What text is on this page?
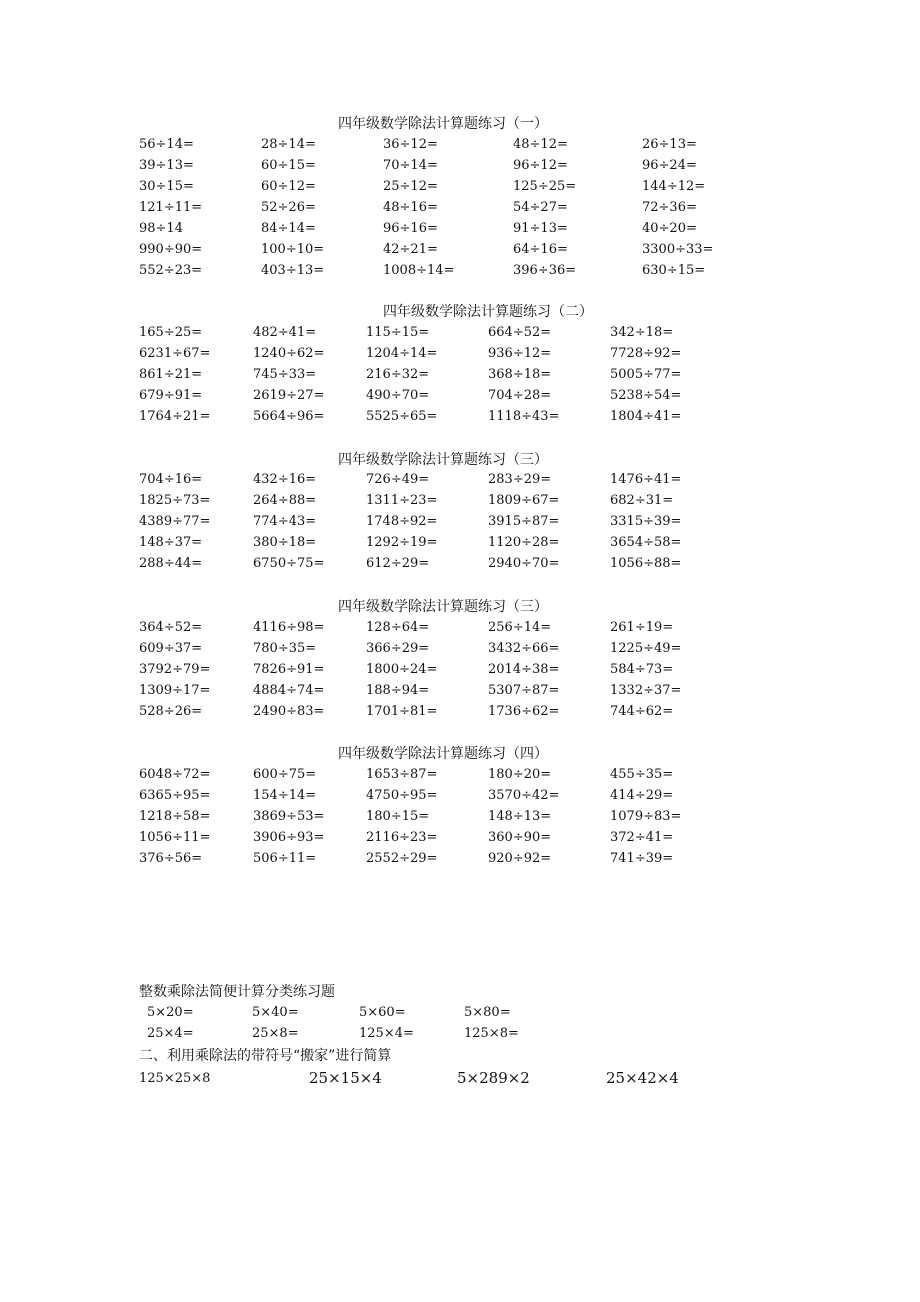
四年级数学除法计算题练习（一）
56÷14=	28÷14=	36÷12=	48÷12=	26÷13=
39÷13=	60÷15=	70÷14=	96÷12=	96÷24=
30÷15=	60÷12=	25÷12=	125÷25=	144÷12=
121÷11=	52÷26=	48÷16=	54÷27=	72÷36=
98÷14	84÷14=	96÷16=	91÷13=	40÷20=
990÷90=	100÷10=	42÷21=	64÷16=	3300÷33=
552÷23=	403÷13=	1008÷14=	396÷36=	630÷15=
四年级数学除法计算题练习（二）
165÷25=	482÷41=	115÷15=	664÷52=	342÷18=
6231÷67=	1240÷62=	1204÷14=	936÷12=	7728÷92=
861÷21=	745÷33=	216÷32=	368÷18=	5005÷77=
679÷91=	2619÷27=	490÷70=	704÷28=	5238÷54=
1764÷21=	5664÷96=	5525÷65=	1118÷43=	1804÷41=
四年级数学除法计算题练习（三）
704÷16=	432÷16=	726÷49=	283÷29=	1476÷41=
1825÷73=	264÷88=	1311÷23=	1809÷67=	682÷31=
4389÷77=	774÷43=	1748÷92=	3915÷87=	3315÷39=
148÷37=	380÷18=	1292÷19=	1120÷28=	3654÷58=
288÷44=	6750÷75=	612÷29=	2940÷70=	1056÷88=
四年级数学除法计算题练习（三）
364÷52=	4116÷98=	128÷64=	256÷14=	261÷19=
609÷37=	780÷35=	366÷29=	3432÷66=	1225÷49=
3792÷79=	7826÷91=	1800÷24=	2014÷38=	584÷73=
1309÷17=	4884÷74=	188÷94=	5307÷87=	1332÷37=
528÷26=	2490÷83=	1701÷81=	1736÷62=	744÷62=
四年级数学除法计算题练习（四）
6048÷72=	600÷75=	1653÷87=	180÷20=	455÷35=
6365÷95=	154÷14=	4750÷95=	3570÷42=	414÷29=
1218÷58=	3869÷53=	180÷15=	148÷13=	1079÷83=
1056÷11=	3906÷93=	2116÷23=	360÷90=	372÷41=
376÷56=	506÷11=	2552÷29=	920÷92=	741÷39=
整数乘除法简便计算分类练习题
5×20=	5×40=	5×60=	5×80=
25×4=	25×8=	125×4=	125×8=
二、利用乘除法的带符号“搬家”进行简算
125×25×8	25×15×4	5×289×2	25×42×4
